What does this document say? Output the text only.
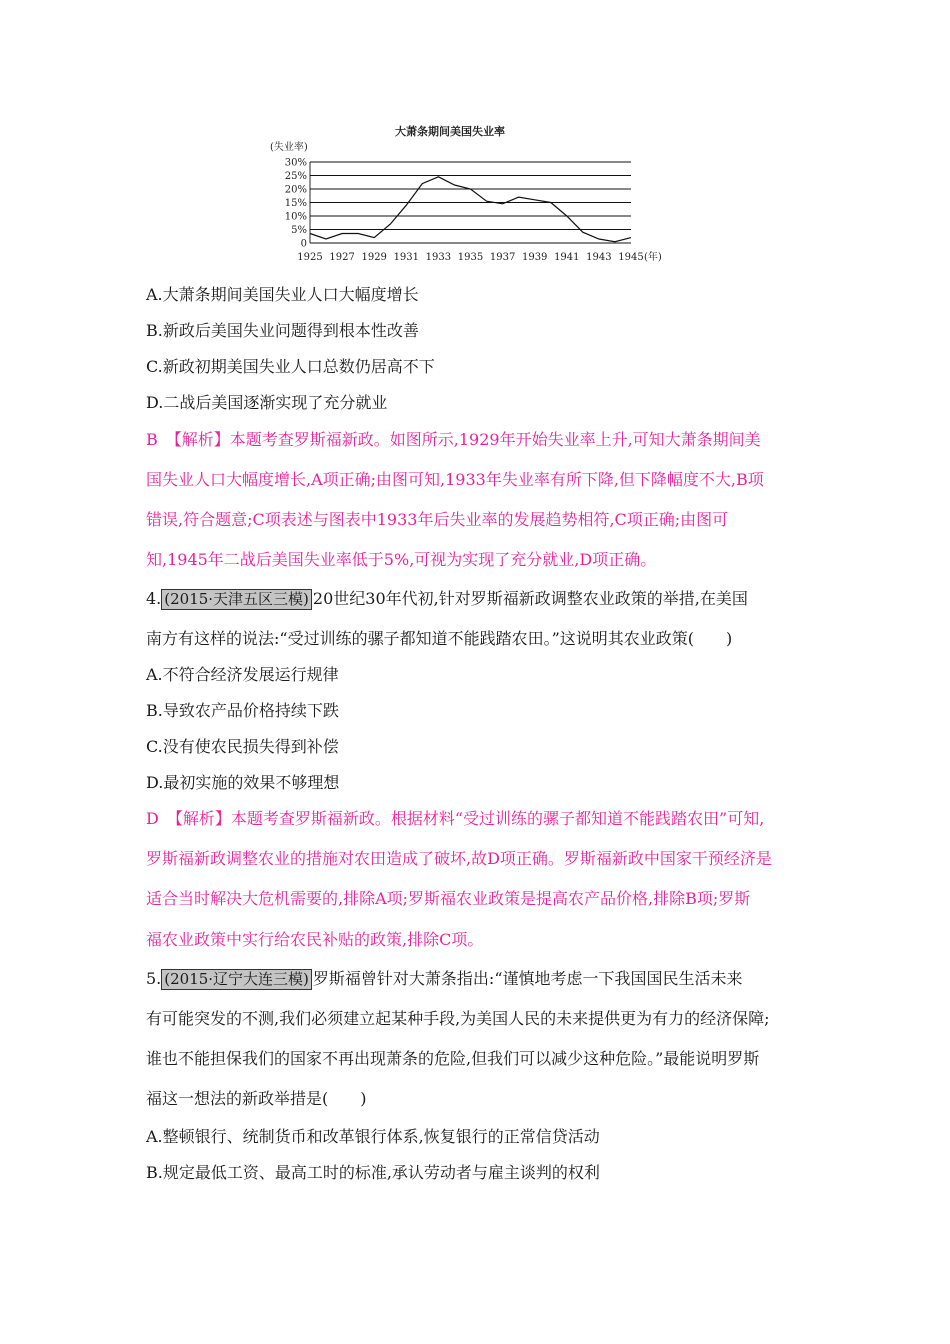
大萧条期间美国失业率
(失业率)
0
5%
10%
15%
20%
25%
30%
1925 1927 1929 1931 1933 1935 1937 1939 1941 1943 1945 (年)
A.大萧条期间美国失业人口大幅度增长
B.新政后美国失业问题得到根本性改善
C.新政初期美国失业人口总数仍居高不下
D.二战后美国逐渐实现了充分就业
B　【解析】本题考查罗斯福新政。如图所示,1929年开始失业率上升,可知大萧条期间美
国失业人口大幅度增长,A项正确;由图可知,1933年失业率有所下降,但下降幅度不大,B项
错误,符合题意;C项表述与图表中1933年后失业率的发展趋势相符,C项正确;由图可
知,1945年二战后美国失业率低于5%,可视为实现了充分就业,D项正确。
4. (2015·天津五区三模) 20世纪30年代初,针对罗斯福新政调整农业政策的举措,在美国
南方有这样的说法:“受过训练的骡子都知道不能践踏农田。”这说明其农业政策(　　)
A.不符合经济发展运行规律
B.导致农产品价格持续下跌
C.没有使农民损失得到补偿
D.最初实施的效果不够理想
D　【解析】本题考查罗斯福新政。根据材料“受过训练的骡子都知道不能践踏农田”可知,
罗斯福新政调整农业的措施对农田造成了破坏,故D项正确。罗斯福新政中国家干预经济是
适合当时解决大危机需要的,排除A项;罗斯福农业政策是提高农产品价格,排除B项;罗斯
福农业政策中实行给农民补贴的政策,排除C项。
5. (2015·辽宁大连三模) 罗斯福曾针对大萧条指出:“谨慎地考虑一下我国国民生活未来
有可能突发的不测,我们必须建立起某种手段,为美国人民的未来提供更为有力的经济保障;
谁也不能担保我们的国家不再出现萧条的危险,但我们可以减少这种危险。”最能说明罗斯
福这一想法的新政举措是(　　)
A.整顿银行、统制货币和改革银行体系,恢复银行的正常信贷活动
B.规定最低工资、最高工时的标准,承认劳动者与雇主谈判的权利
